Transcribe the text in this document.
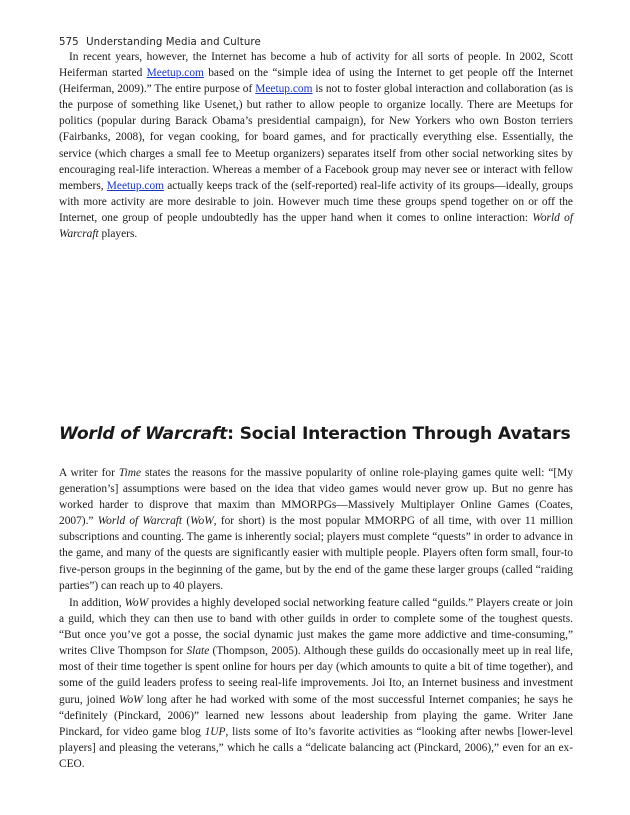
575 Understanding Media and Culture

In recent years, however, the Internet has become a hub of activity for all sorts of people. In 2002, Scott Heiferman started Meetup.com based on the “simple idea of using the Internet to get people off the Internet (Heiferman, 2009).” The entire purpose of Meetup.com is not to foster global interaction and collaboration (as is the purpose of something like Usenet,) but rather to allow people to organize locally. There are Meetups for politics (popular during Barack Obama’s presidential campaign), for New Yorkers who own Boston terriers (Fairbanks, 2008), for vegan cooking, for board games, and for practically everything else. Essentially, the service (which charges a small fee to Meetup organizers) separates itself from other social networking sites by encouraging real-life interaction. Whereas a member of a Facebook group may never see or interact with fellow members, Meetup.com actually keeps track of the (self-reported) real-life activity of its groups—ideally, groups with more activity are more desirable to join. However much time these groups spend together on or off the Internet, one group of people undoubtedly has the upper hand when it comes to online interaction: World of Warcraft players.

World of Warcraft: Social Interaction Through Avatars

A writer for Time states the reasons for the massive popularity of online role-playing games quite well: “[My generation’s] assumptions were based on the idea that video games would never grow up. But no genre has worked harder to disprove that maxim than MMORPGs—Massively Multiplayer Online Games (Coates, 2007).” World of Warcraft (WoW, for short) is the most popular MMORPG of all time, with over 11 million subscriptions and counting. The game is inherently social; players must complete “quests” in order to advance in the game, and many of the quests are significantly easier with multiple people. Players often form small, four-to five-person groups in the beginning of the game, but by the end of the game these larger groups (called “raiding parties”) can reach up to 40 players.

In addition, WoW provides a highly developed social networking feature called “guilds.” Players create or join a guild, which they can then use to band with other guilds in order to complete some of the toughest quests. “But once you’ve got a posse, the social dynamic just makes the game more addictive and time-consuming,” writes Clive Thompson for Slate (Thompson, 2005). Although these guilds do occasionally meet up in real life, most of their time together is spent online for hours per day (which amounts to quite a bit of time together), and some of the guild leaders profess to seeing real-life improvements. Joi Ito, an Internet business and investment guru, joined WoW long after he had worked with some of the most successful Internet companies; he says he “definitely (Pinckard, 2006)” learned new lessons about leadership from playing the game. Writer Jane Pinckard, for video game blog 1UP, lists some of Ito’s favorite activities as “looking after newbs [lower-level players] and pleasing the veterans,” which he calls a “delicate balancing act (Pinckard, 2006),” even for an ex-CEO.
